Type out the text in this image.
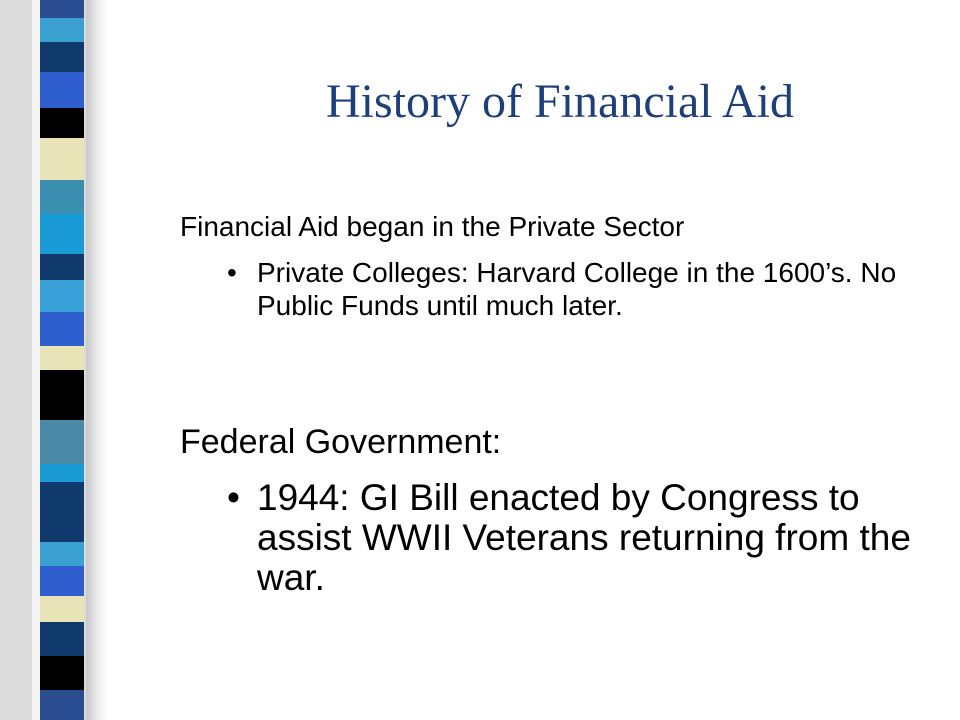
History of Financial Aid

Financial Aid began in the Private Sector

• Private Colleges: Harvard College in the 1600’s. No Public Funds until much later.

Federal Government:

• 1944: GI Bill enacted by Congress to assist WWII Veterans returning from the war.
